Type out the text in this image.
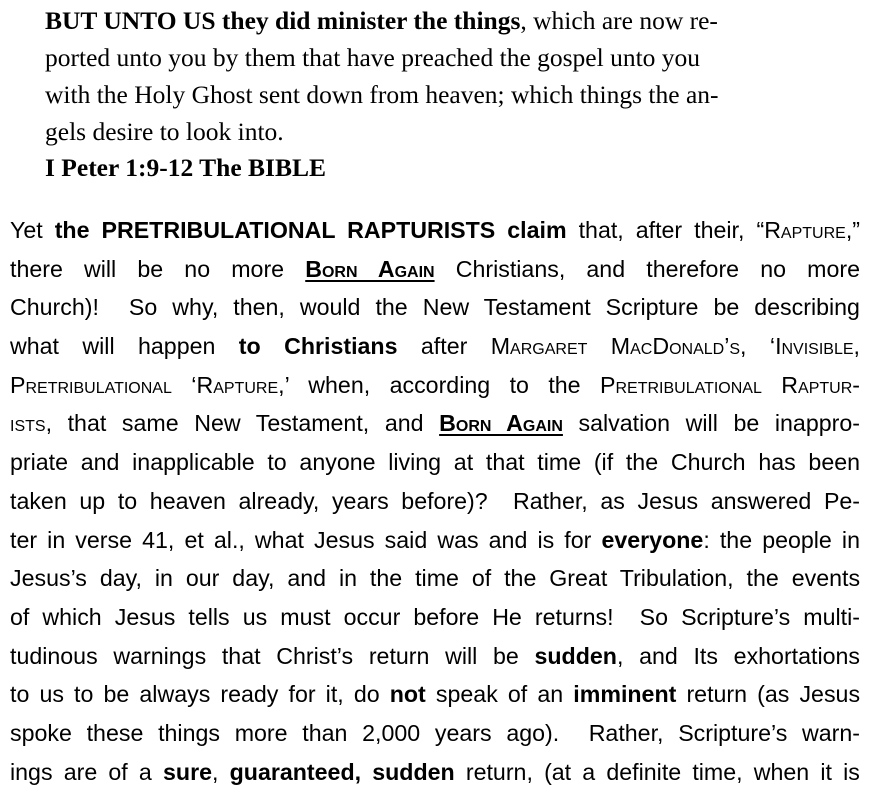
BUT UNTO US they did minister the things, which are now re-
ported unto you by them that have preached the gospel unto you
with the Holy Ghost sent down from heaven; which things the an-
gels desire to look into.
I Peter 1:9-12 The BIBLE
Yet the PRETRIBULATIONAL RAPTURISTS claim that, after their, “Rapture,”
there will be no more Born Again Christians, and therefore no more
Church)!  So why, then, would the New Testament Scripture be describing
what will happen to Christians after Margaret MacDonald’s, ‘Invisible,
Pretribulational ‘Rapture,’ when, according to the Pretribulational Raptur-
ists, that same New Testament, and Born Again salvation will be inappro-
priate and inapplicable to anyone living at that time (if the Church has been
taken up to heaven already, years before)?  Rather, as Jesus answered Pe-
ter in verse 41, et al., what Jesus said was and is for everyone: the people in
Jesus’s day, in our day, and in the time of the Great Tribulation, the events
of which Jesus tells us must occur before He returns!  So Scripture’s multi-
tudinous warnings that Christ’s return will be sudden, and Its exhortations
to us to be always ready for it, do not speak of an imminent return (as Jesus
spoke these things more than 2,000 years ago).  Rather, Scripture’s warn-
ings are of a sure, guaranteed, sudden return, (at a definite time, when it is
